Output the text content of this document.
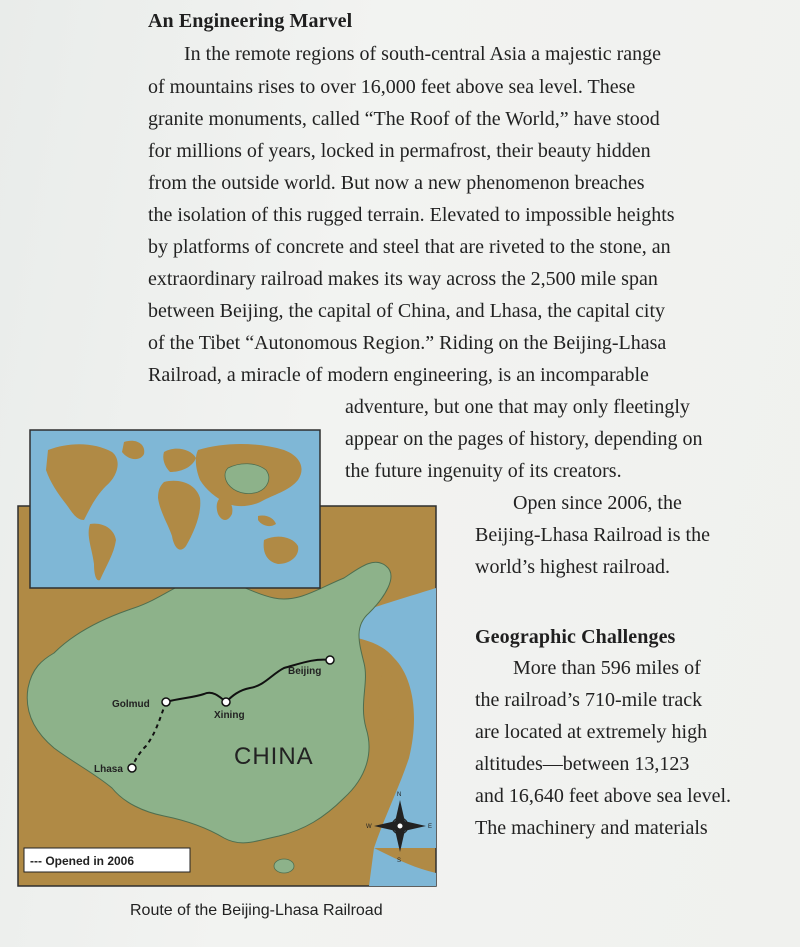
An Engineering Marvel
In the remote regions of south-central Asia a majestic range
of mountains rises to over 16,000 feet above sea level. These
granite monuments, called “The Roof of the World,” have stood
for millions of years, locked in permafrost, their beauty hidden
from the outside world. But now a new phenomenon breaches
the isolation of this rugged terrain. Elevated to impossible heights
by platforms of concrete and steel that are riveted to the stone, an
extraordinary railroad makes its way across the 2,500 mile span
between Beijing, the capital of China, and Lhasa, the capital city
of the Tibet “Autonomous Region.” Riding on the Beijing-Lhasa
Railroad, a miracle of modern engineering, is an incomparable
adventure, but one that may only fleetingly
appear on the pages of history, depending on
the future ingenuity of its creators.
Open since 2006, the
Beijing-Lhasa Railroad is the
world’s highest railroad.
Geographic Challenges
More than 596 miles of
the railroad’s 710-mile track
are located at extremely high
altitudes—between 13,123
and 16,640 feet above sea level.
The machinery and materials
Beijing
Xining
Golmud
Lhasa	CHINA
N
S
E
W
--- Opened in 2006
Route of the Beijing-Lhasa Railroad
